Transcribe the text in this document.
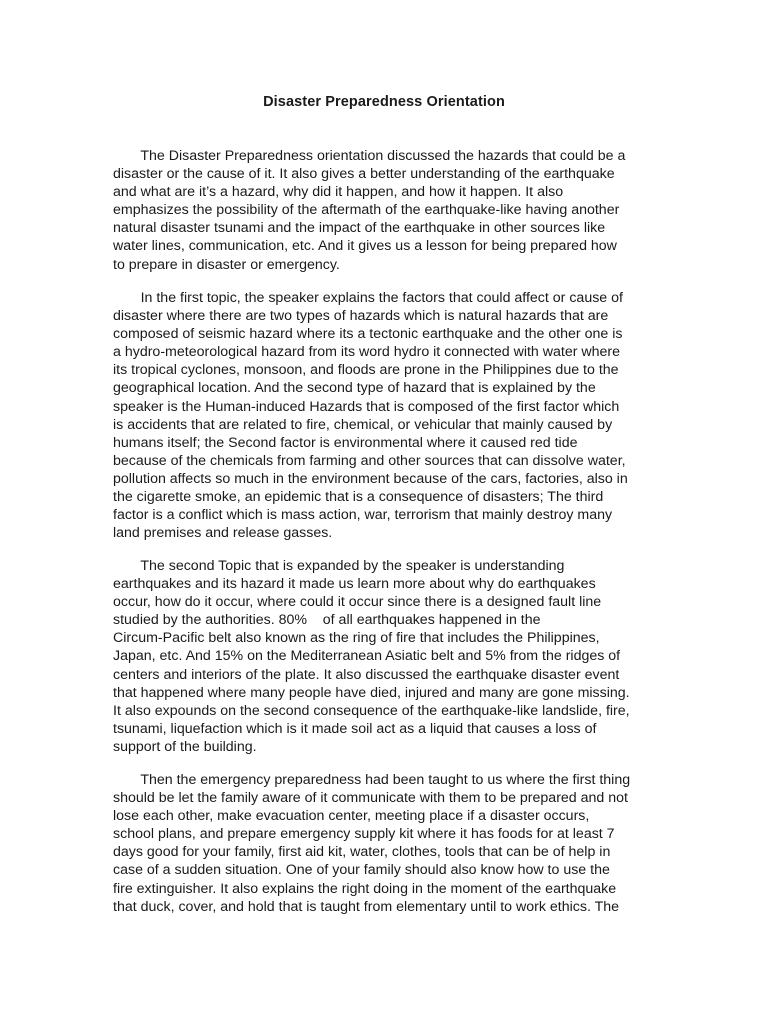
Disaster Preparedness Orientation
The Disaster Preparedness orientation discussed the hazards that could be a
disaster or the cause of it. It also gives a better understanding of the earthquake
and what are it’s a hazard, why did it happen, and how it happen. It also
emphasizes the possibility of the aftermath of the earthquake-like having another
natural disaster tsunami and the impact of the earthquake in other sources like
water lines, communication, etc. And it gives us a lesson for being prepared how
to prepare in disaster or emergency.
In the first topic, the speaker explains the factors that could affect or cause of
disaster where there are two types of hazards which is natural hazards that are
composed of seismic hazard where its a tectonic earthquake and the other one is
a hydro-meteorological hazard from its word hydro it connected with water where
its tropical cyclones, monsoon, and floods are prone in the Philippines due to the
geographical location. And the second type of hazard that is explained by the
speaker is the Human-induced Hazards that is composed of the first factor which
is accidents that are related to fire, chemical, or vehicular that mainly caused by
humans itself; the Second factor is environmental where it caused red tide
because of the chemicals from farming and other sources that can dissolve water,
pollution affects so much in the environment because of the cars, factories, also in
the cigarette smoke, an epidemic that is a consequence of disasters; The third
factor is a conflict which is mass action, war, terrorism that mainly destroy many
land premises and release gasses.
The second Topic that is expanded by the speaker is understanding
earthquakes and its hazard it made us learn more about why do earthquakes
occur, how do it occur, where could it occur since there is a designed fault line
studied by the authorities. 80%    of all earthquakes happened in the
Circum-Pacific belt also known as the ring of fire that includes the Philippines,
Japan, etc. And 15% on the Mediterranean Asiatic belt and 5% from the ridges of
centers and interiors of the plate. It also discussed the earthquake disaster event
that happened where many people have died, injured and many are gone missing.
It also expounds on the second consequence of the earthquake-like landslide, fire,
tsunami, liquefaction which is it made soil act as a liquid that causes a loss of
support of the building.
Then the emergency preparedness had been taught to us where the first thing
should be let the family aware of it communicate with them to be prepared and not
lose each other, make evacuation center, meeting place if a disaster occurs,
school plans, and prepare emergency supply kit where it has foods for at least 7
days good for your family, first aid kit, water, clothes, tools that can be of help in
case of a sudden situation. One of your family should also know how to use the
fire extinguisher. It also explains the right doing in the moment of the earthquake
that duck, cover, and hold that is taught from elementary until to work ethics. The
